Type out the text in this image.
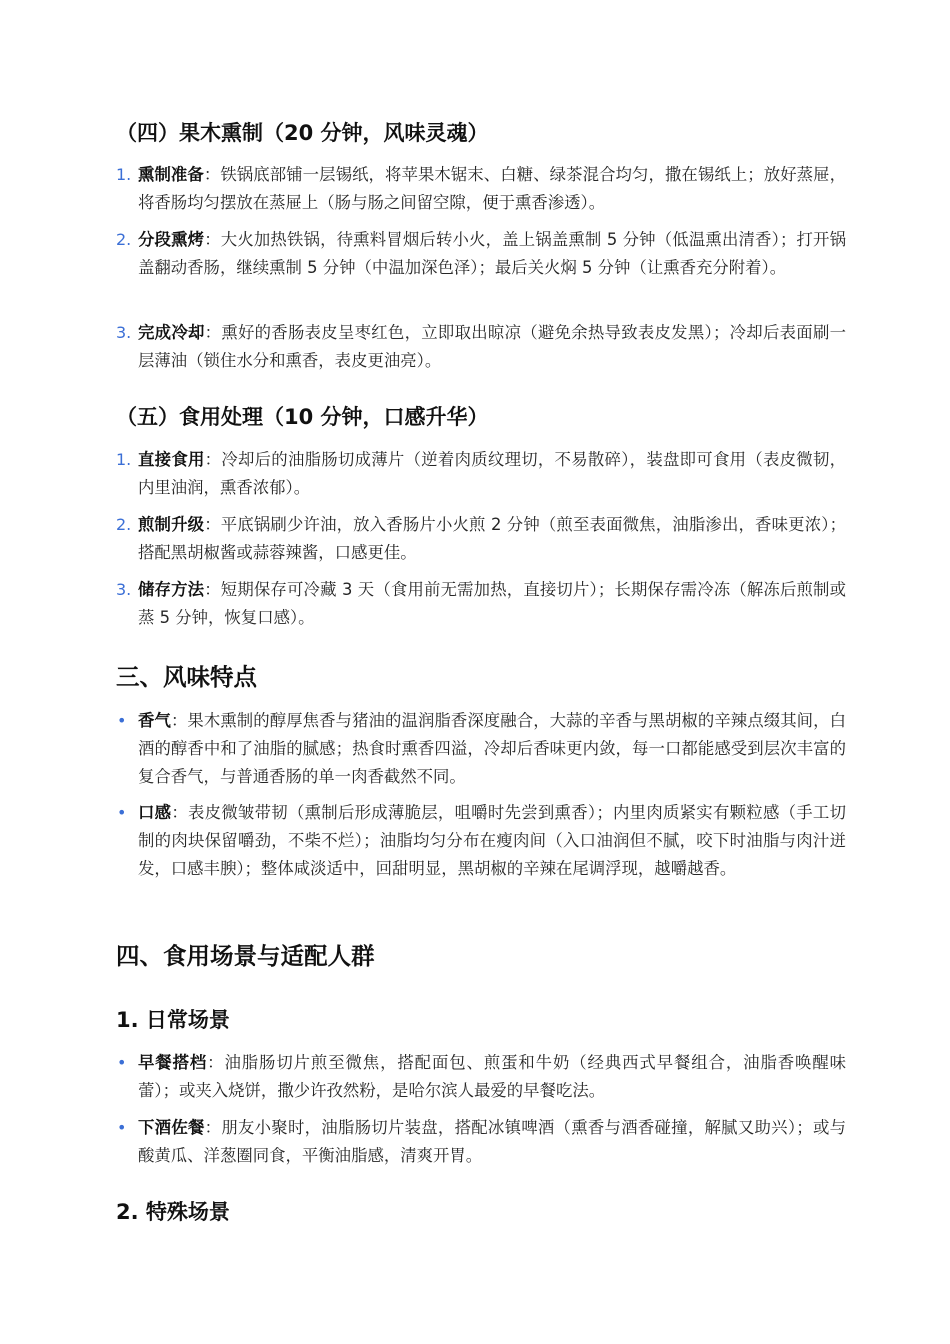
（四）果木熏制（20 分钟，风味灵魂）
1. 熏制准备：铁锅底部铺一层锡纸，将苹果木锯末、白糖、绿茶混合均匀，撒在锡纸上；放好蒸屉，将香肠均匀摆放在蒸屉上（肠与肠之间留空隙，便于熏香渗透）。
2. 分段熏烤：大火加热铁锅，待熏料冒烟后转小火，盖上锅盖熏制 5 分钟（低温熏出清香）；打开锅盖翻动香肠，继续熏制 5 分钟（中温加深色泽）；最后关火焖 5 分钟（让熏香充分附着）。
3. 完成冷却：熏好的香肠表皮呈枣红色，立即取出晾凉（避免余热导致表皮发黑）；冷却后表面刷一层薄油（锁住水分和熏香，表皮更油亮）。
（五）食用处理（10 分钟，口感升华）
1. 直接食用：冷却后的油脂肠切成薄片（逆着肉质纹理切，不易散碎），装盘即可食用（表皮微韧，内里油润，熏香浓郁）。
2. 煎制升级：平底锅刷少许油，放入香肠片小火煎 2 分钟（煎至表面微焦，油脂渗出，香味更浓）；搭配黑胡椒酱或蒜蓉辣酱，口感更佳。
3. 储存方法：短期保存可冷藏 3 天（食用前无需加热，直接切片）；长期保存需冷冻（解冻后煎制或蒸 5 分钟，恢复口感）。
三、风味特点
• 香气：果木熏制的醇厚焦香与猪油的温润脂香深度融合，大蒜的辛香与黑胡椒的辛辣点缀其间，白酒的醇香中和了油脂的腻感；热食时熏香四溢，冷却后香味更内敛，每一口都能感受到层次丰富的复合香气，与普通香肠的单一肉香截然不同。
• 口感：表皮微皱带韧（熏制后形成薄脆层，咀嚼时先尝到熏香）；内里肉质紧实有颗粒感（手工切制的肉块保留嚼劲，不柴不烂）；油脂均匀分布在瘦肉间（入口油润但不腻，咬下时油脂与肉汁迸发，口感丰腴）；整体咸淡适中，回甜明显，黑胡椒的辛辣在尾调浮现，越嚼越香。
四、食用场景与适配人群
1. 日常场景
• 早餐搭档：油脂肠切片煎至微焦，搭配面包、煎蛋和牛奶（经典西式早餐组合，油脂香唤醒味蕾）；或夹入烧饼，撒少许孜然粉，是哈尔滨人最爱的早餐吃法。
• 下酒佐餐：朋友小聚时，油脂肠切片装盘，搭配冰镇啤酒（熏香与酒香碰撞，解腻又助兴）；或与酸黄瓜、洋葱圈同食，平衡油脂感，清爽开胃。
2. 特殊场景
